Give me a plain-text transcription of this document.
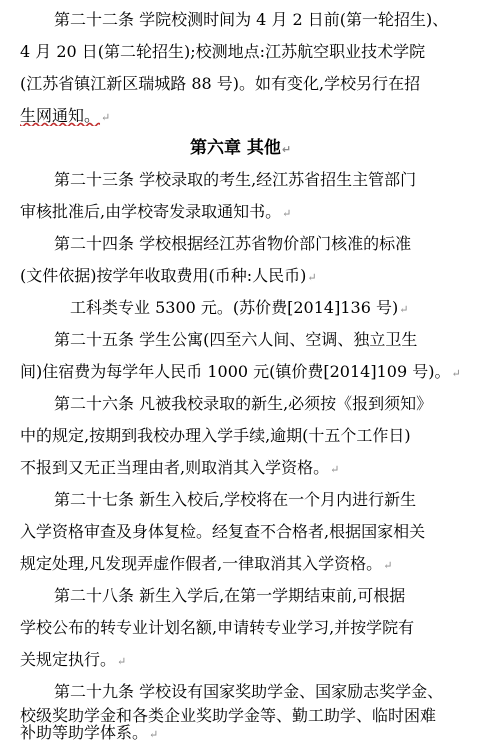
第二十二条 学院校测时间为 4 月 2 日前(第一轮招生)、
4 月 20 日(第二轮招生);校测地点:江苏航空职业技术学院
(江苏省镇江新区瑞城路 88 号)。如有变化,学校另行在招
生网通知。↵
第六章 其他↵
第二十三条 学校录取的考生,经江苏省招生主管部门
审核批准后,由学校寄发录取通知书。↵
第二十四条 学校根据经江苏省物价部门核准的标准
(文件依据)按学年收取费用(币种:人民币)↵
工科类专业 5300 元。(苏价费[2014]136 号)↵
第二十五条 学生公寓(四至六人间、空调、独立卫生
间)住宿费为每学年人民币 1000 元(镇价费[2014]109 号)。↵
第二十六条 凡被我校录取的新生,必须按《报到须知》
中的规定,按期到我校办理入学手续,逾期(十五个工作日)
不报到又无正当理由者,则取消其入学资格。↵
第二十七条 新生入校后,学校将在一个月内进行新生
入学资格审查及身体复检。经复查不合格者,根据国家相关
规定处理,凡发现弄虚作假者,一律取消其入学资格。↵
第二十八条 新生入学后,在第一学期结束前,可根据
学校公布的转专业计划名额,申请转专业学习,并按学院有
关规定执行。↵
第二十九条 学校设有国家奖助学金、国家励志奖学金、
校级奖助学金和各类企业奖助学金等、勤工助学、临时困难
补助等助学体系。↵
